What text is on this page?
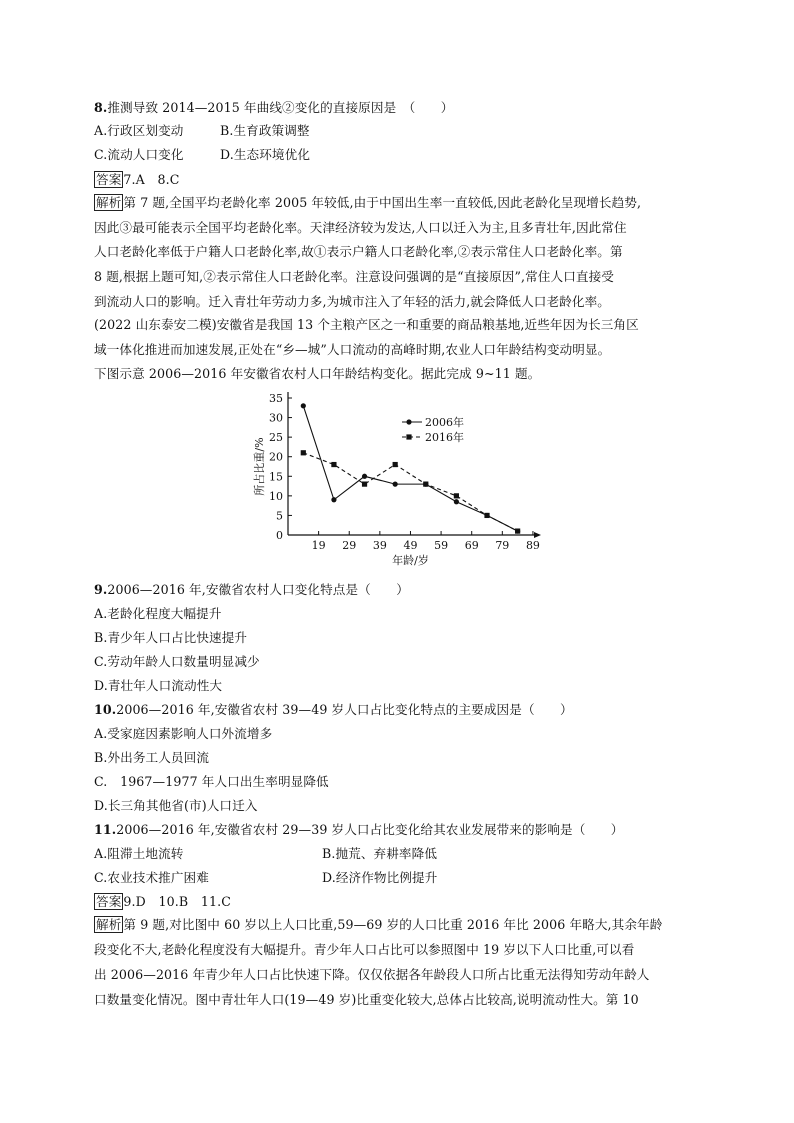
8.推测导致 2014—2015 年曲线②变化的直接原因是　（　　）
A.行政区划变动	B.生育政策调整
C.流动人口变化	D.生态环境优化
答案 7.A　8.C
解析 第 7 题,全国平均老龄化率 2005 年较低,由于中国出生率一直较低,因此老龄化呈现增长趋势,
因此③最可能表示全国平均老龄化率。天津经济较为发达,人口以迁入为主,且多青壮年,因此常住
人口老龄化率低于户籍人口老龄化率,故①表示户籍人口老龄化率,②表示常住人口老龄化率。第
8 题,根据上题可知,②表示常住人口老龄化率。注意设问强调的是“直接原因”,常住人口直接受
到流动人口的影响。迁入青壮年劳动力多,为城市注入了年轻的活力,就会降低人口老龄化率。
(2022 山东泰安二模)安徽省是我国 13 个主粮产区之一和重要的商品粮基地,近些年因为长三角区
域一体化推进而加速发展,正处在“乡—城”人口流动的高峰时期,农业人口年龄结构变动明显。
下图示意 2006—2016 年安徽省农村人口年龄结构变化。据此完成 9~11 题。
0
5
10
15
20
25
30
35
19 29 39 49 59 69 79 89
2006年
2016年
所占比重/%
年龄/岁
9.2006—2016 年,安徽省农村人口变化特点是（　　）
A.老龄化程度大幅提升
B.青少年人口占比快速提升
C.劳动年龄人口数量明显减少
D.青壮年人口流动性大
10.2006—2016 年,安徽省农村 39—49 岁人口占比变化特点的主要成因是（　　）
A.受家庭因素影响人口外流增多
B.外出务工人员回流
C.　1967—1977 年人口出生率明显降低
D.长三角其他省(市)人口迁入
11.2006—2016 年,安徽省农村 29—39 岁人口占比变化给其农业发展带来的影响是（　　）
A.阻滞土地流转	B.抛荒、弃耕率降低
C.农业技术推广困难	D.经济作物比例提升
答案 9.D　10.B　11.C
解析 第 9 题,对比图中 60 岁以上人口比重,59—69 岁的人口比重 2016 年比 2006 年略大,其余年龄
段变化不大,老龄化程度没有大幅提升。青少年人口占比可以参照图中 19 岁以下人口比重,可以看
出 2006—2016 年青少年人口占比快速下降。仅仅依据各年龄段人口所占比重无法得知劳动年龄人
口数量变化情况。图中青壮年人口(19—49 岁)比重变化较大,总体占比较高,说明流动性大。第 10
